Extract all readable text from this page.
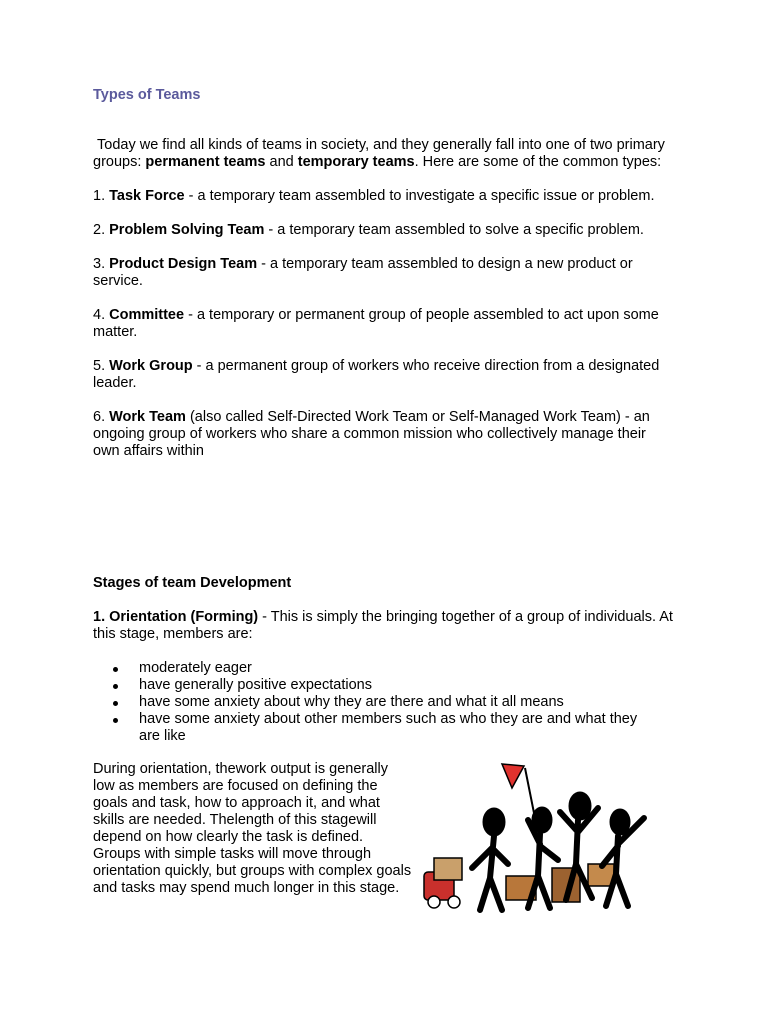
Types of Teams

Today we find all kinds of teams in society, and they generally fall into one of two primary groups: permanent teams and temporary teams. Here are some of the common types:

1. Task Force - a temporary team assembled to investigate a specific issue or problem.

2. Problem Solving Team - a temporary team assembled to solve a specific problem.

3. Product Design Team - a temporary team assembled to design a new product or service.

4. Committee - a temporary or permanent group of people assembled to act upon some matter.

5. Work Group - a permanent group of workers who receive direction from a designated leader.

6. Work Team (also called Self-Directed Work Team or Self-Managed Work Team) - an ongoing group of workers who share a common mission who collectively manage their own affairs within

Stages of team Development

1. Orientation (Forming) - This is simply the bringing together of a group of individuals. At this stage, members are:

moderately eager
have generally positive expectations
have some anxiety about why they are there and what it all means
have some anxiety about other members such as who they are and what they are like

During orientation, thework output is generally low as members are focused on defining the goals and task, how to approach it, and what skills are needed. Thelength of this stagewill depend on how clearly the task is defined. Groups with simple tasks will move through orientation quickly, but groups with complex goals and tasks may spend much longer in this stage.
